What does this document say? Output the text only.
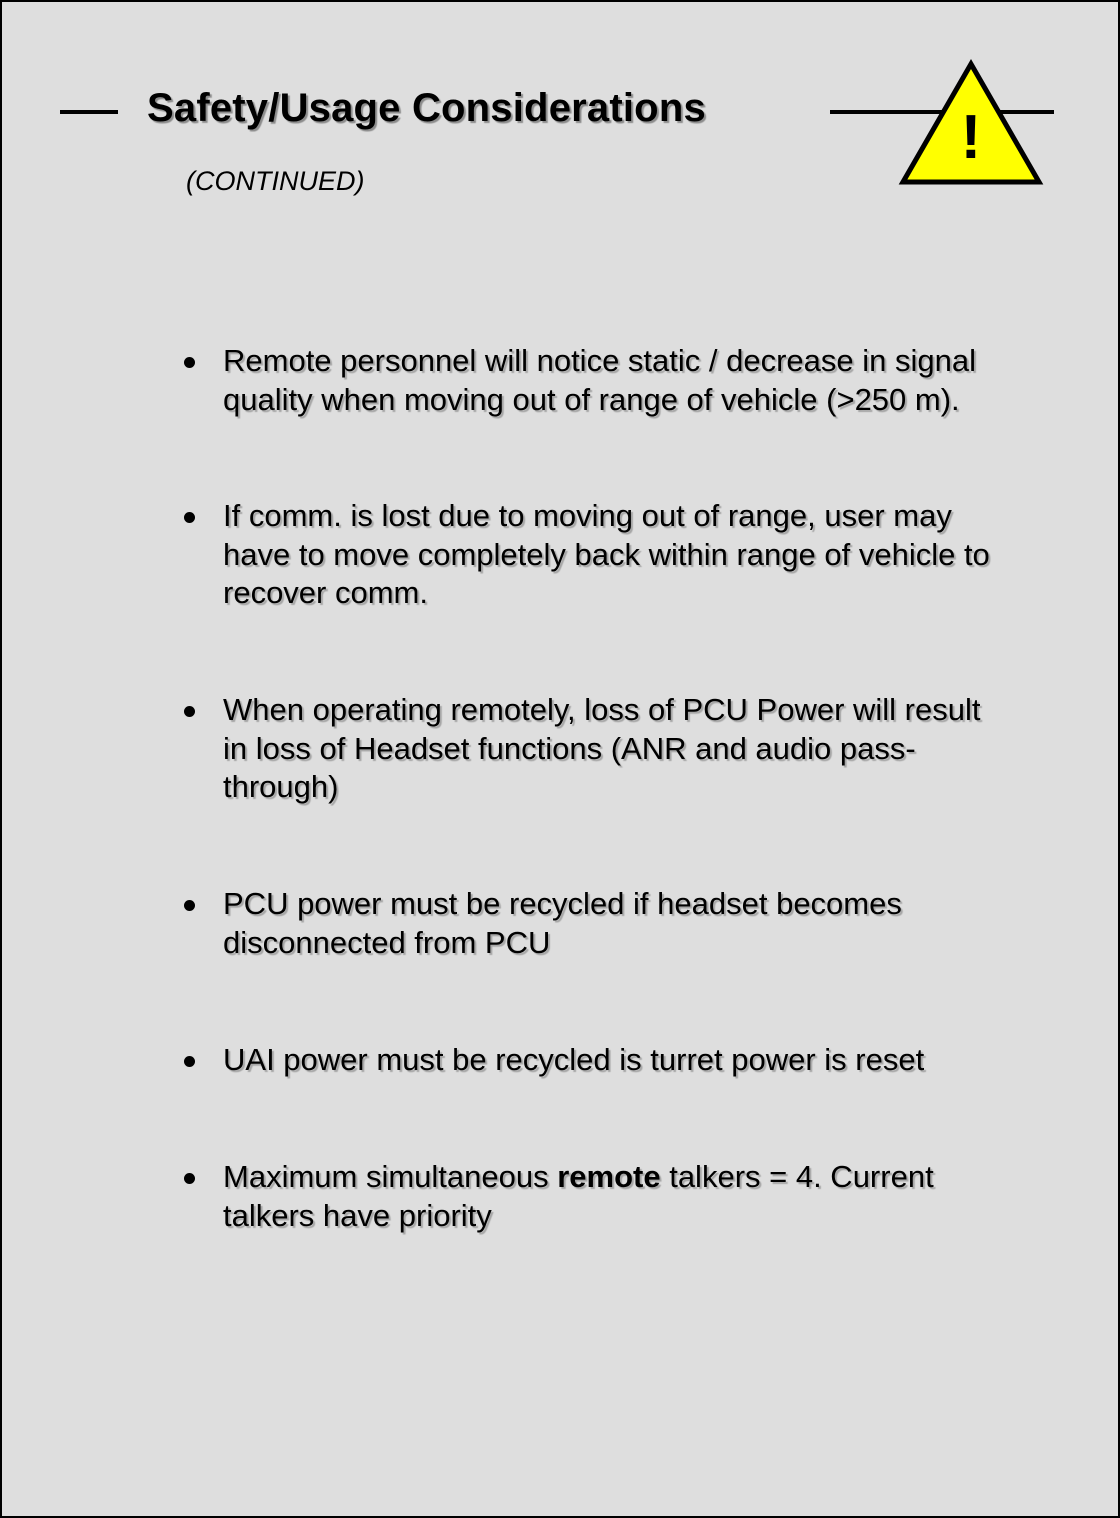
Safety/Usage Considerations
(CONTINUED)
!
Remote personnel will notice static / decrease in signal
quality when moving out of range of vehicle (>250 m).
If comm. is lost due to moving out of range, user may
have to move completely back within range of vehicle to
recover comm.
When operating remotely, loss of PCU Power will result
in loss of Headset functions (ANR and audio pass-
through)
PCU power must be recycled if headset becomes
disconnected from PCU
UAI power must be recycled is turret power is reset
Maximum simultaneous remote talkers = 4. Current
talkers have priority
